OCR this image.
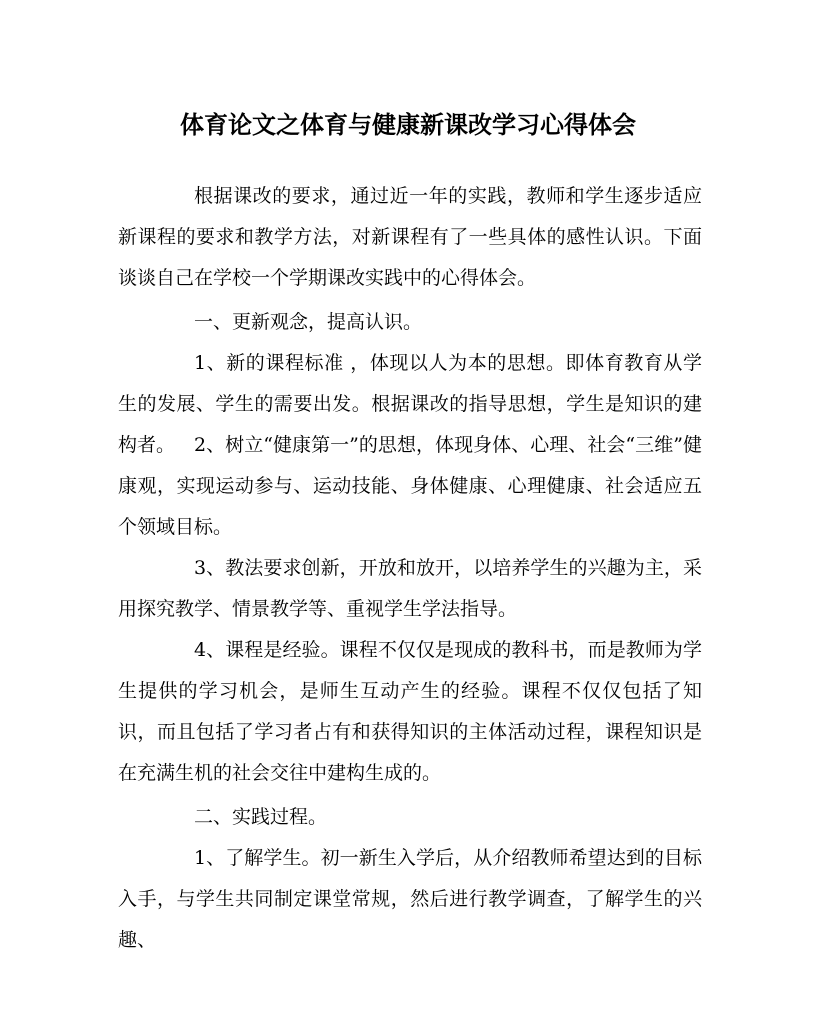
体育论文之体育与健康新课改学习心得体会

根据课改的要求，通过近一年的实践，教师和学生逐步适应新课程的要求和教学方法，对新课程有了一些具体的感性认识。下面谈谈自己在学校一个学期课改实践中的心得体会。

一、更新观念，提高认识。

1、新的课程标准 ，体现以人为本的思想。即体育教育从学生的发展、学生的需要出发。根据课改的指导思想，学生是知识的建构者。 2、树立“健康第一”的思想，体现身体、心理、社会“三维”健康观，实现运动参与、运动技能、身体健康、心理健康、社会适应五个领域目标。

3、教法要求创新，开放和放开，以培养学生的兴趣为主，采用探究教学、情景教学等、重视学生学法指导。

4、课程是经验。课程不仅仅是现成的教科书，而是教师为学生提供的学习机会，是师生互动产生的经验。课程不仅仅包括了知识，而且包括了学习者占有和获得知识的主体活动过程，课程知识是在充满生机的社会交往中建构生成的。

二、实践过程。

1、了解学生。初一新生入学后，从介绍教师希望达到的目标入手，与学生共同制定课堂常规，然后进行教学调查，了解学生的兴趣、
